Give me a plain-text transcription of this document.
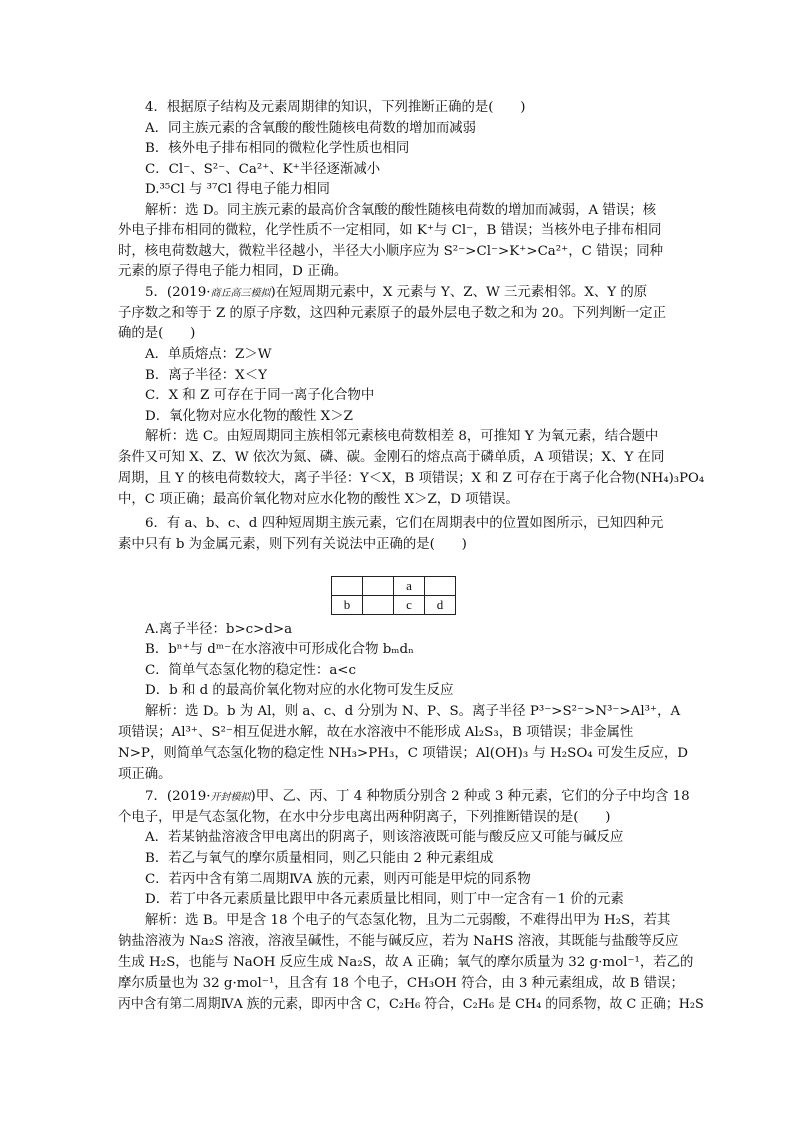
4．根据原子结构及元素周期律的知识，下列推断正确的是(　　)
A．同主族元素的含氧酸的酸性随核电荷数的增加而减弱
B．核外电子排布相同的微粒化学性质也相同
C．Cl⁻、S²⁻、Ca²⁺、K⁺半径逐渐减小
D.³⁵Cl 与 ³⁷Cl 得电子能力相同
解析：选 D。同主族元素的最高价含氧酸的酸性随核电荷数的增加而减弱，A 错误；核
外电子排布相同的微粒，化学性质不一定相同，如 K⁺与 Cl⁻，B 错误；当核外电子排布相同
时，核电荷数越大，微粒半径越小，半径大小顺序应为 S²⁻>Cl⁻>K⁺>Ca²⁺，C 错误；同种
元素的原子得电子能力相同，D 正确。
5．(2019·商丘高三模拟)在短周期元素中，X 元素与 Y、Z、W 三元素相邻。X、Y 的原
子序数之和等于 Z 的原子序数，这四种元素原子的最外层电子数之和为 20。下列判断一定正
确的是(　　)
A．单质熔点：Z＞W
B．离子半径：X＜Y
C．X 和 Z 可存在于同一离子化合物中
D．氧化物对应水化物的酸性 X＞Z
解析：选 C。由短周期同主族相邻元素核电荷数相差 8，可推知 Y 为氧元素，结合题中
条件又可知 X、Z、W 依次为氮、磷、碳。金刚石的熔点高于磷单质，A 项错误；X、Y 在同
周期，且 Y 的核电荷数较大，离子半径：Y＜X，B 项错误；X 和 Z 可存在于离子化合物(NH₄)₃PO₄
中，C 项正确；最高价氧化物对应水化物的酸性 X＞Z，D 项错误。
6．有 a、b、c、d 四种短周期主族元素，它们在周期表中的位置如图所示，已知四种元
素中只有 b 为金属元素，则下列有关说法中正确的是(　　)
		a	
b		c	d
A.离子半径：b>c>d>a
B．bⁿ⁺与 dᵐ⁻在水溶液中可形成化合物 bₘdₙ
C．简单气态氢化物的稳定性：a<c
D．b 和 d 的最高价氧化物对应的水化物可发生反应
解析：选 D。b 为 Al，则 a、c、d 分别为 N、P、S。离子半径 P³⁻>S²⁻>N³⁻>Al³⁺，A
项错误；Al³⁺、S²⁻相互促进水解，故在水溶液中不能形成 Al₂S₃，B 项错误；非金属性
N>P，则简单气态氢化物的稳定性 NH₃>PH₃，C 项错误；Al(OH)₃ 与 H₂SO₄ 可发生反应，D
项正确。
7．(2019·开封模拟)甲、乙、丙、丁 4 种物质分别含 2 种或 3 种元素，它们的分子中均含 18
个电子，甲是气态氢化物，在水中分步电离出两种阴离子，下列推断错误的是(　　)
A．若某钠盐溶液含甲电离出的阴离子，则该溶液既可能与酸反应又可能与碱反应
B．若乙与氧气的摩尔质量相同，则乙只能由 2 种元素组成
C．若丙中含有第二周期ⅣA 族的元素，则丙可能是甲烷的同系物
D．若丁中各元素质量比跟甲中各元素质量比相同，则丁中一定含有－1 价的元素
解析：选 B。甲是含 18 个电子的气态氢化物，且为二元弱酸，不难得出甲为 H₂S，若其
钠盐溶液为 Na₂S 溶液，溶液呈碱性，不能与碱反应，若为 NaHS 溶液，其既能与盐酸等反应
生成 H₂S，也能与 NaOH 反应生成 Na₂S，故 A 正确；氧气的摩尔质量为 32 g·mol⁻¹，若乙的
摩尔质量也为 32 g·mol⁻¹，且含有 18 个电子，CH₃OH 符合，由 3 种元素组成，故 B 错误；
丙中含有第二周期ⅣA 族的元素，即丙中含 C，C₂H₆ 符合，C₂H₆ 是 CH₄ 的同系物，故 C 正确；H₂S
